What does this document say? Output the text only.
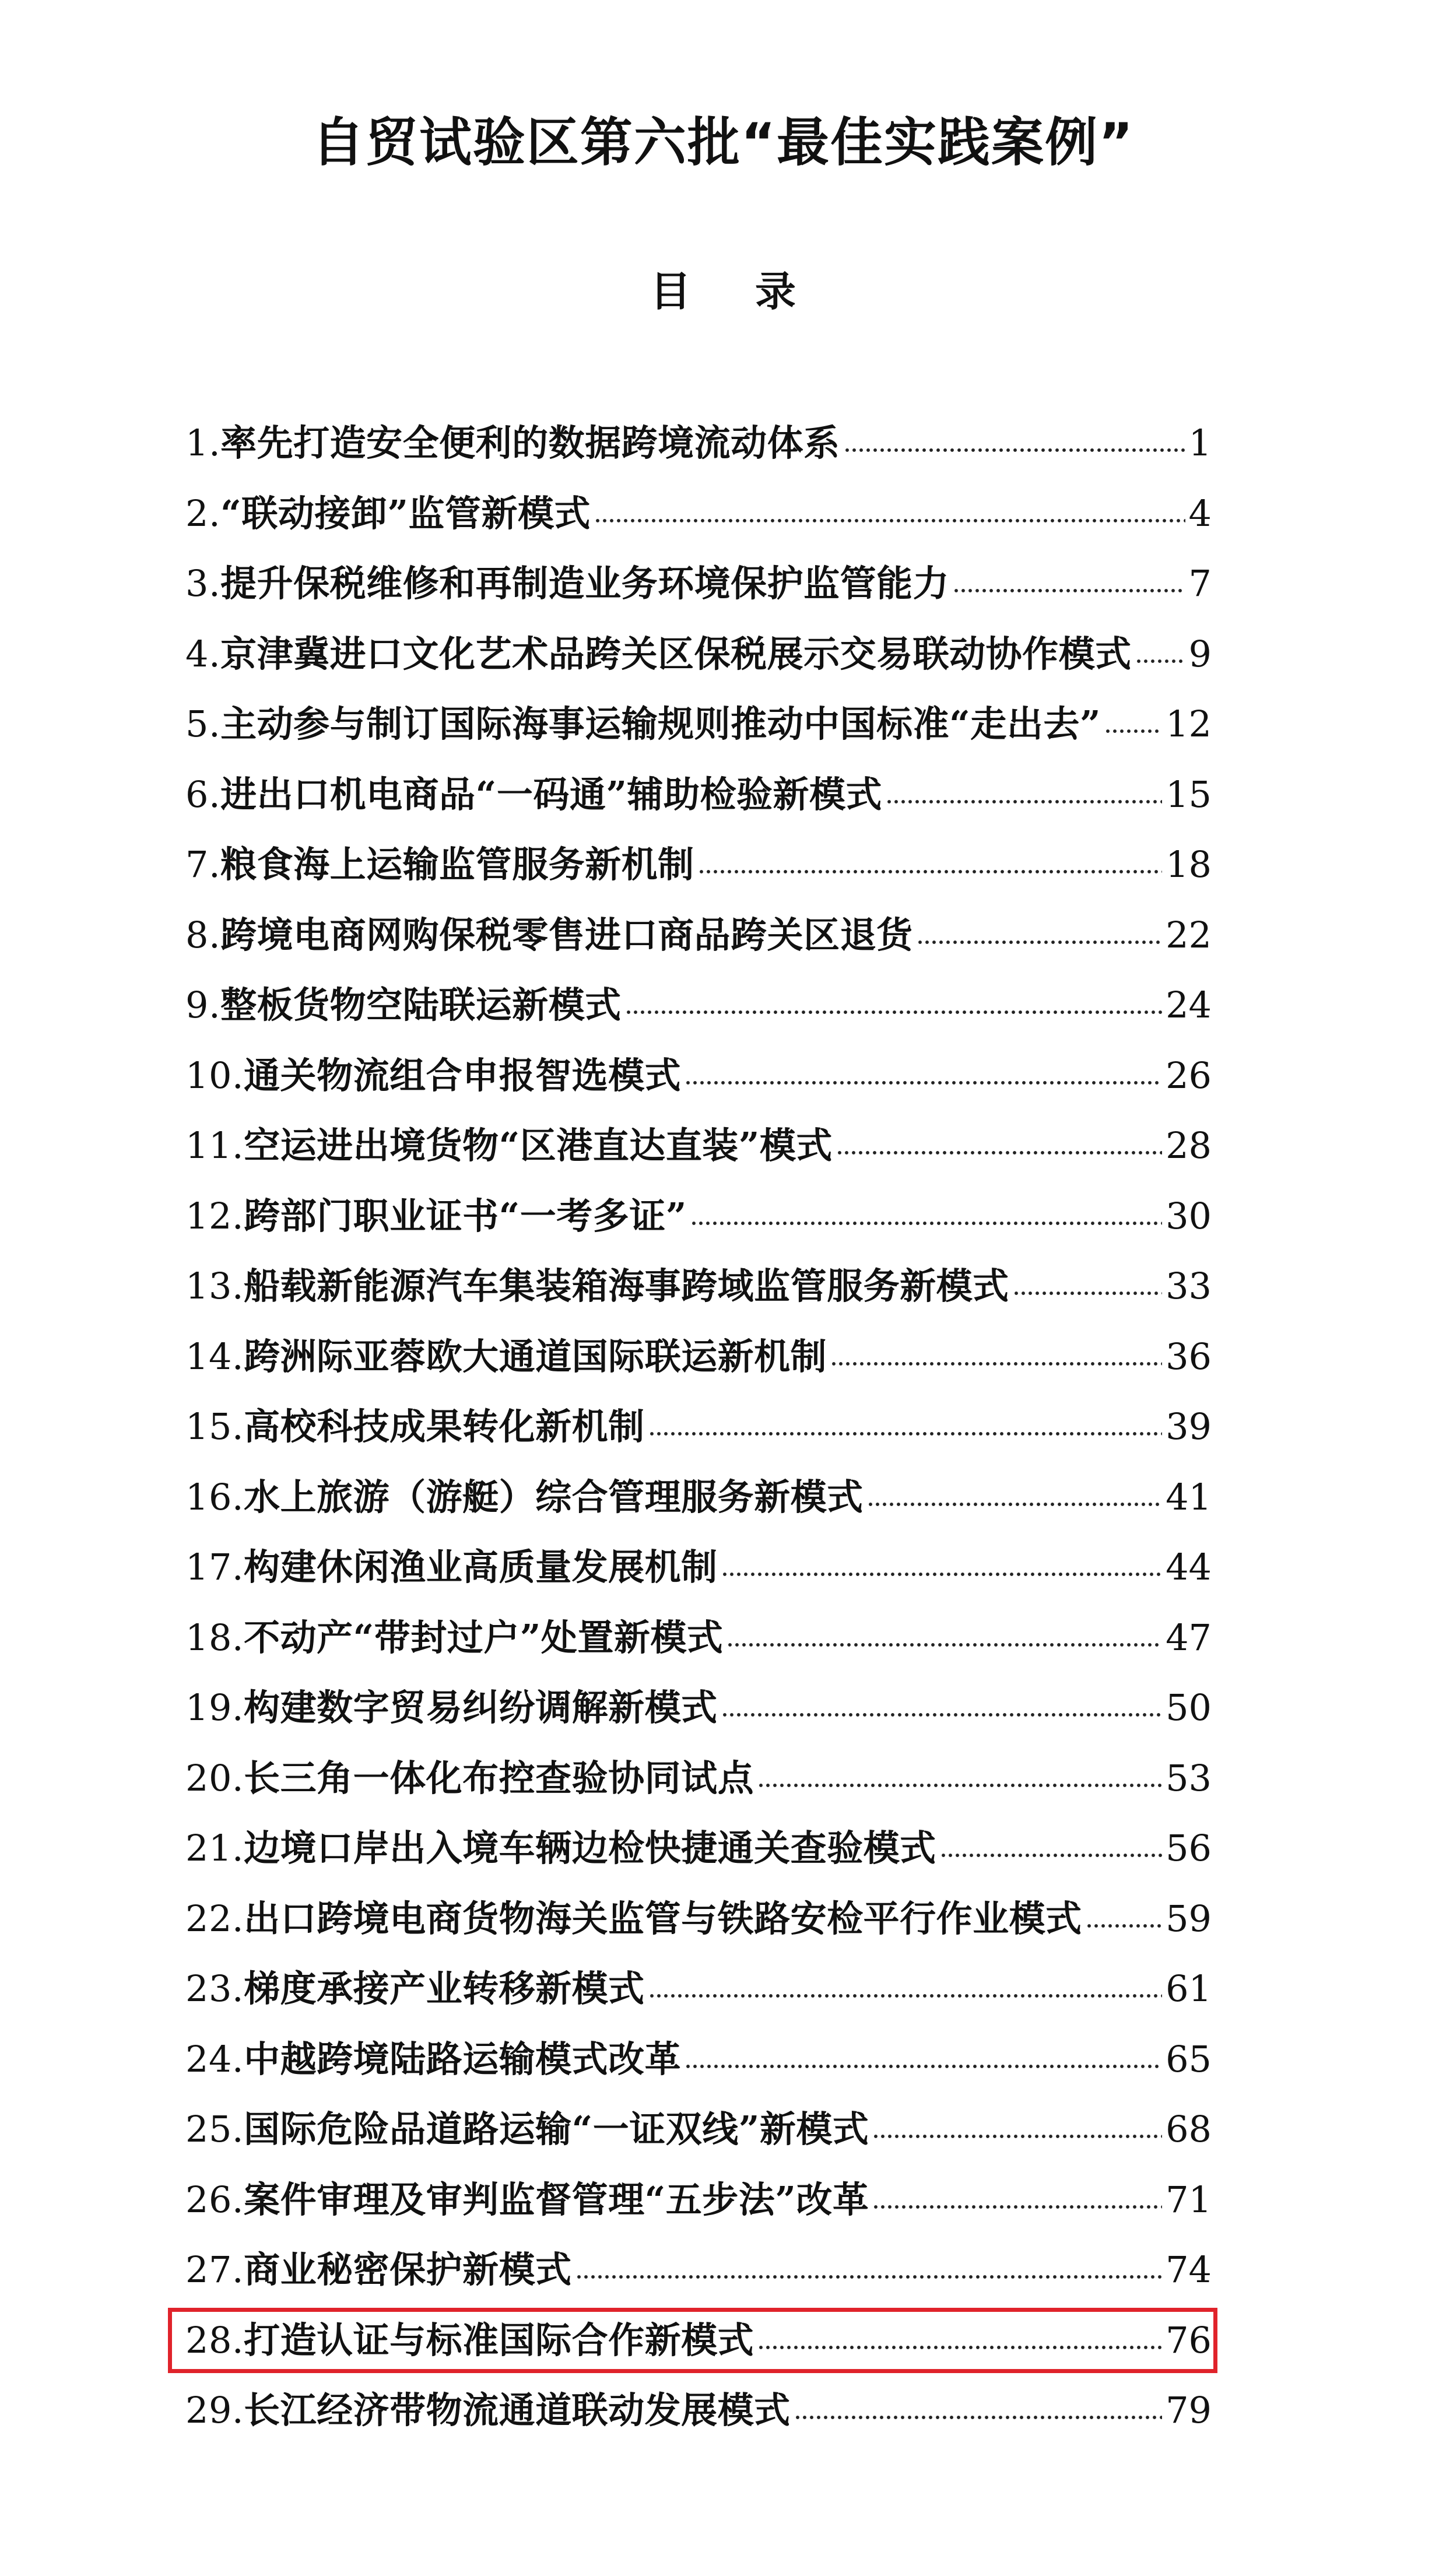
自贸试验区第六批“最佳实践案例”
目录
1.率先打造安全便利的数据跨境流动体系	1
2.“联动接卸”监管新模式	4
3.提升保税维修和再制造业务环境保护监管能力	7
4.京津冀进口文化艺术品跨关区保税展示交易联动协作模式 9
5.主动参与制订国际海事运输规则推动中国标准“走出去” 12
6.进出口机电商品“一码通”辅助检验新模式	15
7.粮食海上运输监管服务新机制	18
8.跨境电商网购保税零售进口商品跨关区退货	22
9.整板货物空陆联运新模式	24
10.通关物流组合申报智选模式	26
11.空运进出境货物“区港直达直装”模式	28
12.跨部门职业证书“一考多证”	30
13.船载新能源汽车集装箱海事跨域监管服务新模式	33
14.跨洲际亚蓉欧大通道国际联运新机制	36
15.高校科技成果转化新机制	39
16.水上旅游（游艇）综合管理服务新模式	41
17.构建休闲渔业高质量发展机制	44
18.不动产“带封过户”处置新模式	47
19.构建数字贸易纠纷调解新模式	50
20.长三角一体化布控查验协同试点	53
21.边境口岸出入境车辆边检快捷通关查验模式	56
22.出口跨境电商货物海关监管与铁路安检平行作业模式 59
23.梯度承接产业转移新模式	61
24.中越跨境陆路运输模式改革	65
25.国际危险品道路运输“一证双线”新模式	68
26.案件审理及审判监督管理“五步法”改革	71
27.商业秘密保护新模式	74
28.打造认证与标准国际合作新模式	76
29.长江经济带物流通道联动发展模式	79
